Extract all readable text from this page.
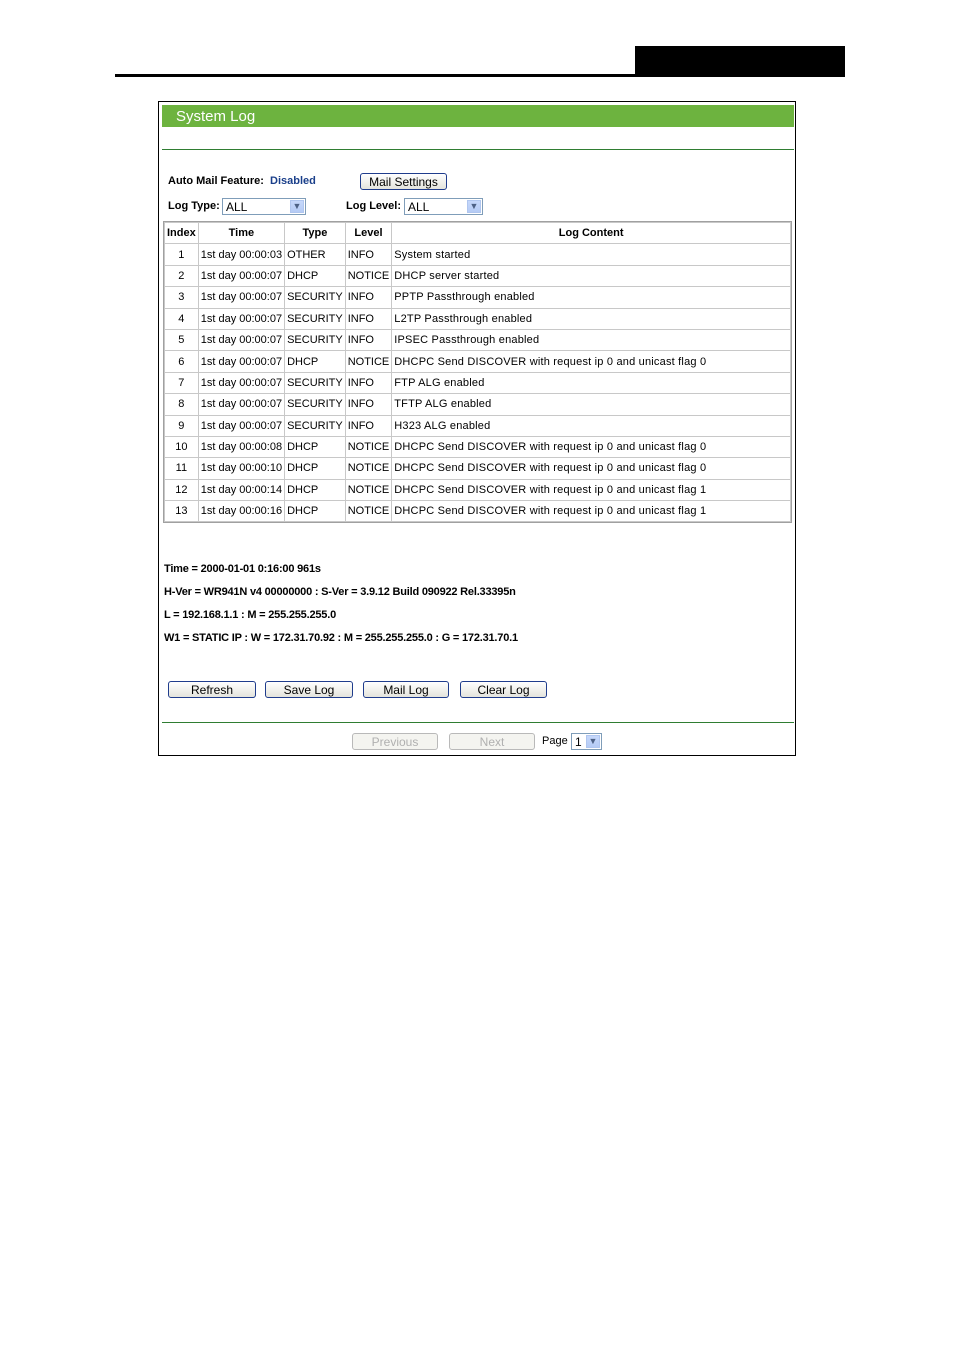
System Log
Auto Mail Feature: Disabled	Mail Settings
Log Type: ALL	▼	Log Level: ALL	▼
Index	Time	Type	Level	Log Content
1	1st day 00:00:03	OTHER	INFO	System started
2	1st day 00:00:07	DHCP	NOTICE	DHCP server started
3	1st day 00:00:07	SECURITY	INFO	PPTP Passthrough enabled
4	1st day 00:00:07	SECURITY	INFO	L2TP Passthrough enabled
5	1st day 00:00:07	SECURITY	INFO	IPSEC Passthrough enabled
6	1st day 00:00:07	DHCP	NOTICE	DHCPC Send DISCOVER with request ip 0 and unicast flag 0
7	1st day 00:00:07	SECURITY	INFO	FTP ALG enabled
8	1st day 00:00:07	SECURITY	INFO	TFTP ALG enabled
9	1st day 00:00:07	SECURITY	INFO	H323 ALG enabled
10	1st day 00:00:08	DHCP	NOTICE	DHCPC Send DISCOVER with request ip 0 and unicast flag 0
11	1st day 00:00:10	DHCP	NOTICE	DHCPC Send DISCOVER with request ip 0 and unicast flag 0
12	1st day 00:00:14	DHCP	NOTICE	DHCPC Send DISCOVER with request ip 0 and unicast flag 1
13	1st day 00:00:16	DHCP	NOTICE	DHCPC Send DISCOVER with request ip 0 and unicast flag 1
Time = 2000-01-01 0:16:00 961s
H-Ver = WR941N v4 00000000 : S-Ver = 3.9.12 Build 090922 Rel.33395n
L = 192.168.1.1 : M = 255.255.255.0
W1 = STATIC IP : W = 172.31.70.92 : M = 255.255.255.0 : G = 172.31.70.1
Refresh	Save Log	Mail Log	Clear Log
Previous	Next	Page 1 ▼
